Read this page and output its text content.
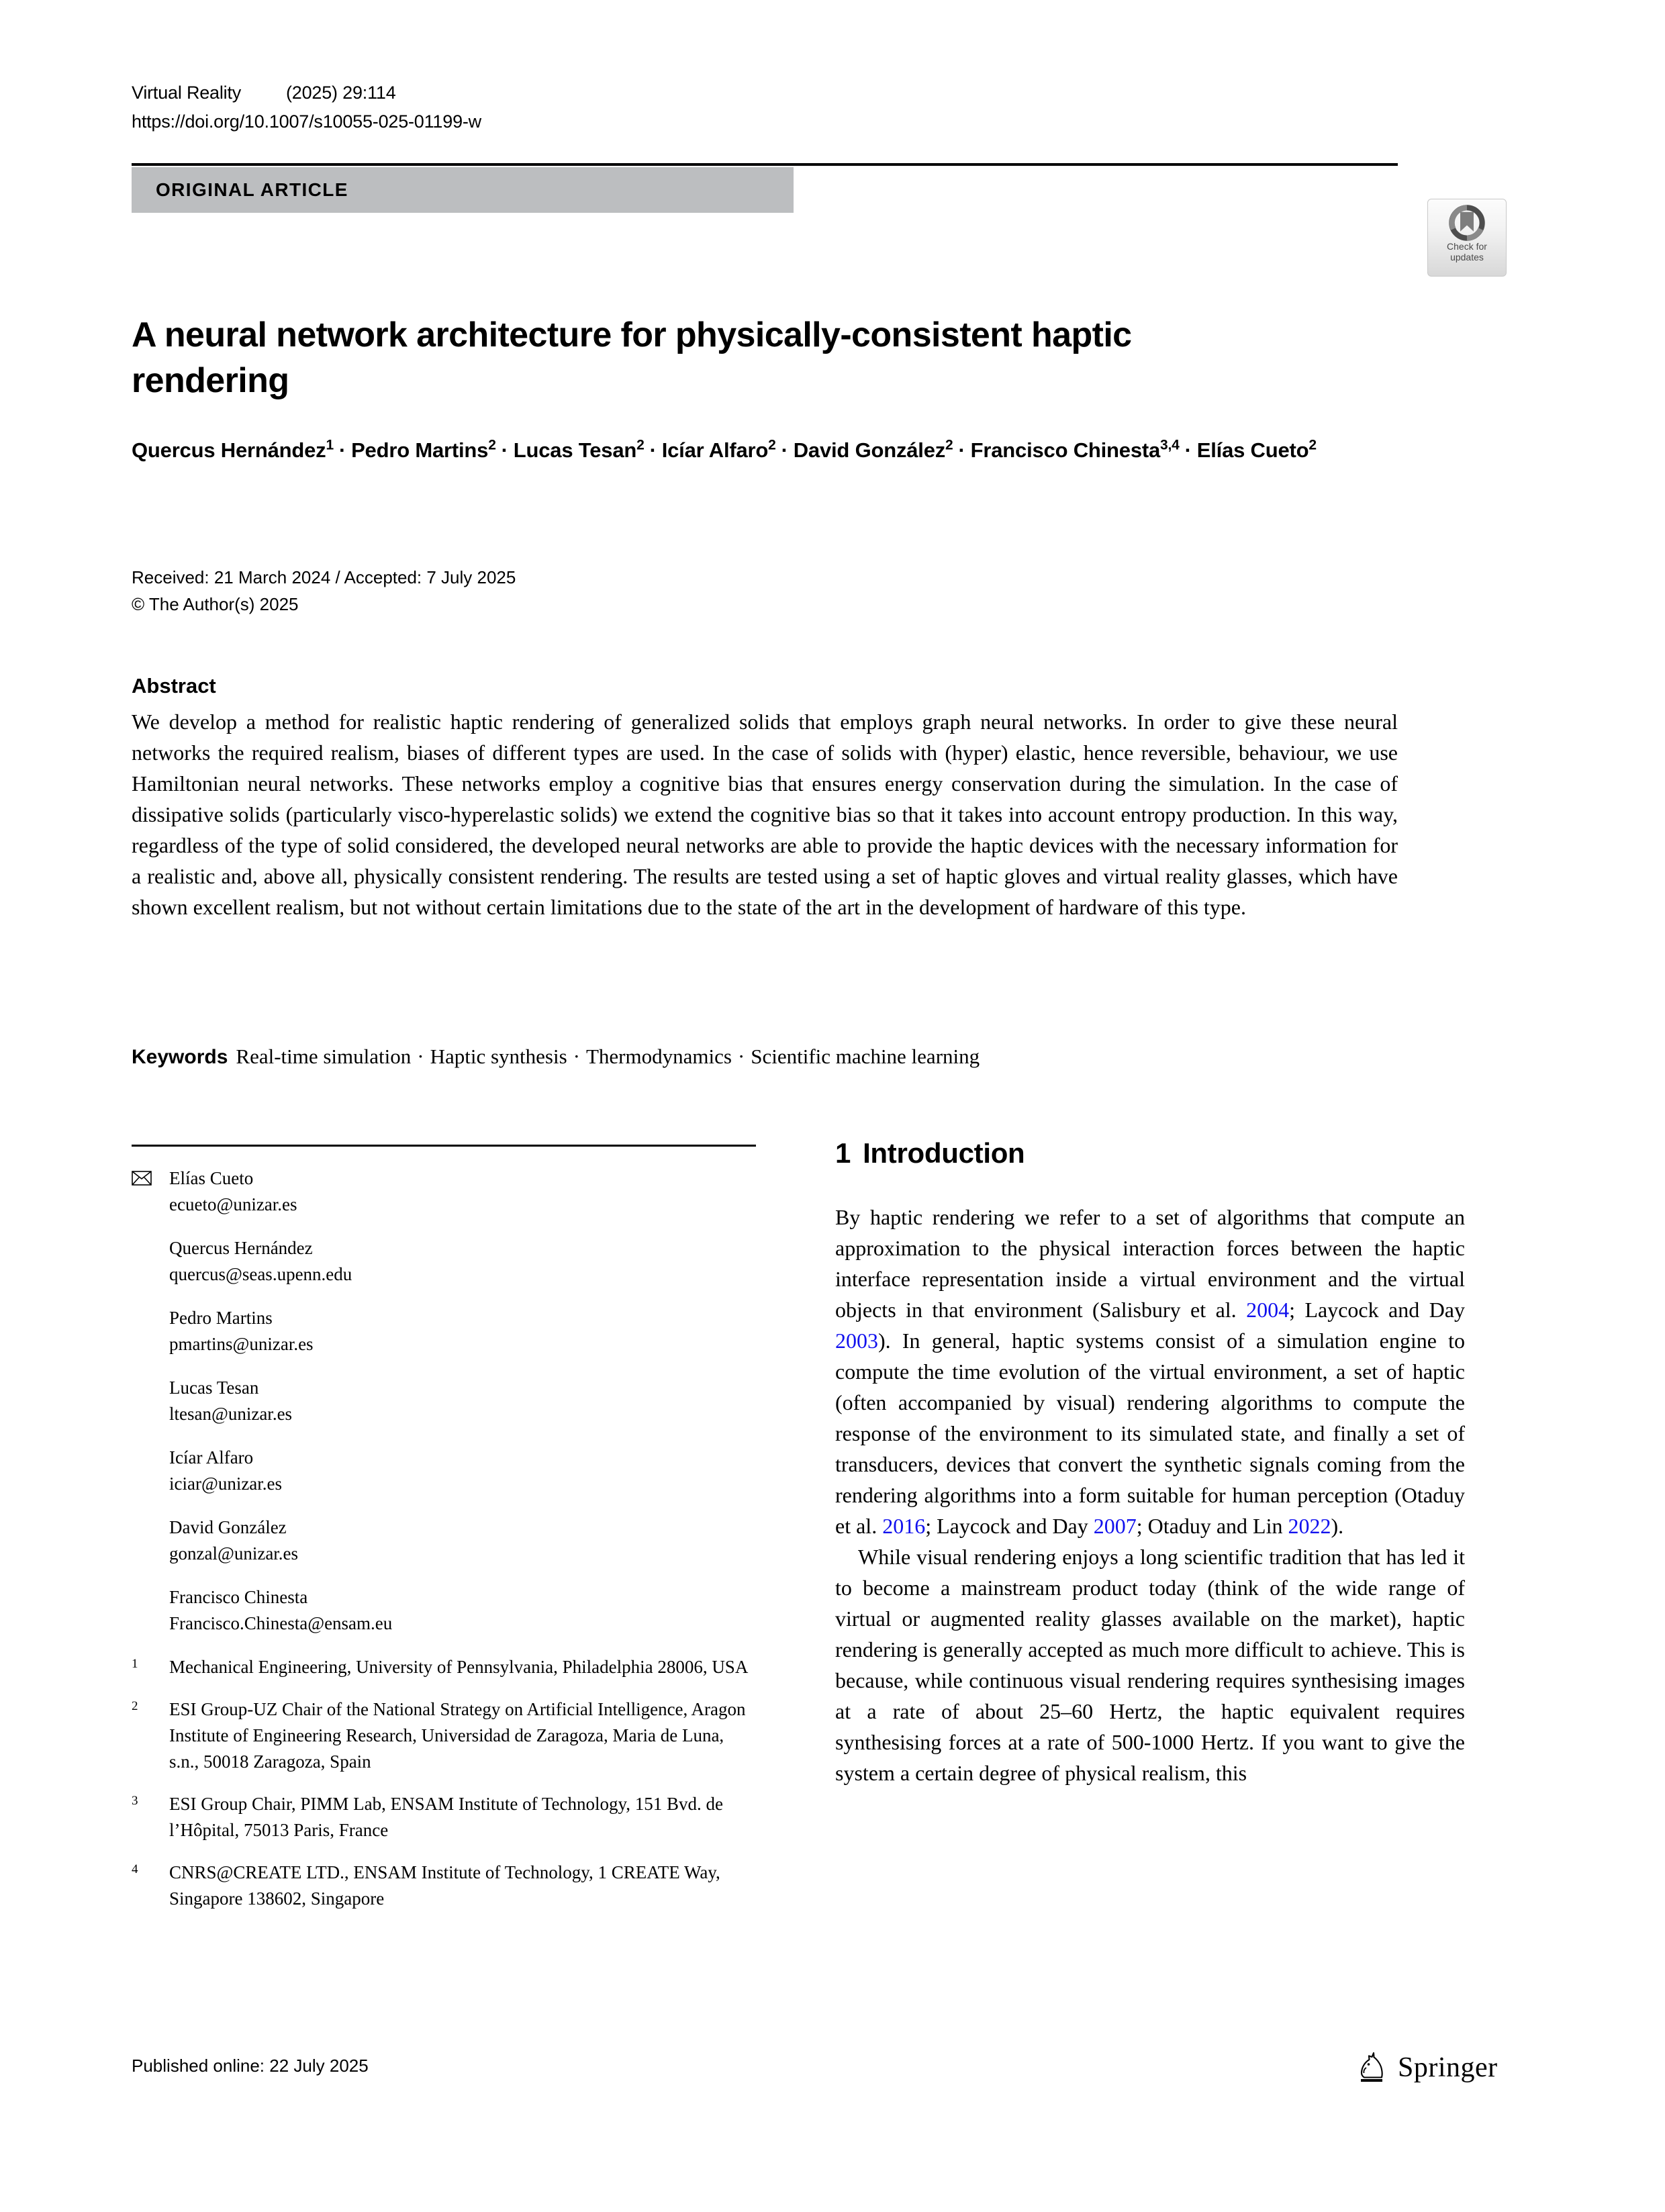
Virtual Reality	(2025) 29:114
https://doi.org/10.1007/s10055-025-01199-w
ORIGINAL ARTICLE
Check for
updates
A neural network architecture for physically-consistent haptic rendering
Quercus Hernández$^1$ · Pedro Martins$^2$ · Lucas Tesan$^2$ · Icíar Alfaro$^2$ · David González$^2$ · Francisco Chinesta$^{3,4}$ · Elías Cueto$^2$
Received: 21 March 2024 / Accepted: 7 July 2025
© The Author(s) 2025
Abstract
We develop a method for realistic haptic rendering of generalized solids that employs graph neural networks. In order to give these neural networks the required realism, biases of different types are used. In the case of solids with (hyper) elastic, hence reversible, behaviour, we use Hamiltonian neural networks. These networks employ a cognitive bias that ensures energy conservation during the simulation. In the case of dissipative solids (particularly visco-hyperelastic solids) we extend the cognitive bias so that it takes into account entropy production. In this way, regardless of the type of solid considered, the developed neural networks are able to provide the haptic devices with the necessary information for a realistic and, above all, physically consistent rendering. The results are tested using a set of haptic gloves and virtual reality glasses, which have shown excellent realism, but not without certain limitations due to the state of the art in the development of hardware of this type.
Keywords Real-time simulation · Haptic synthesis · Thermodynamics · Scientific machine learning
Elías Cueto
ecueto@unizar.es
Quercus Hernández
quercus@seas.upenn.edu
Pedro Martins
pmartins@unizar.es
Lucas Tesan
ltesan@unizar.es
Icíar Alfaro
iciar@unizar.es
David González
gonzal@unizar.es
Francisco Chinesta
Francisco.Chinesta@ensam.eu
1	Mechanical Engineering, University of Pennsylvania, Philadelphia 28006, USA
2	ESI Group-UZ Chair of the National Strategy on Artificial Intelligence, Aragon Institute of Engineering Research, Universidad de Zaragoza, Maria de Luna, s.n., 50018 Zaragoza, Spain
3	ESI Group Chair, PIMM Lab, ENSAM Institute of Technology, 151 Bvd. de l’Hôpital, 75013 Paris, France
4	CNRS@CREATE LTD., ENSAM Institute of Technology, 1 CREATE Way, Singapore 138602, Singapore
1 Introduction

By haptic rendering we refer to a set of algorithms that compute an approximation to the physical interaction forces between the haptic interface representation inside a virtual environment and the virtual objects in that environment (Salisbury et al. 2004; Laycock and Day 2003). In general, haptic systems consist of a simulation engine to compute the time evolution of the virtual environment, a set of haptic (often accompanied by visual) rendering algorithms to compute the response of the environment to its simulated state, and finally a set of transducers, devices that convert the synthetic signals coming from the rendering algorithms into a form suitable for human perception (Otaduy et al. 2016; Laycock and Day 2007; Otaduy and Lin 2022).

While visual rendering enjoys a long scientific tradition that has led it to become a mainstream product today (think of the wide range of virtual or augmented reality glasses available on the market), haptic rendering is generally accepted as much more difficult to achieve. This is because, while continuous visual rendering requires synthesising images at a rate of about 25–60 Hertz, the haptic equivalent requires synthesising forces at a rate of 500-1000 Hertz. If you want to give the system a certain degree of physical realism, this

Published online: 22 July 2025	Springer
